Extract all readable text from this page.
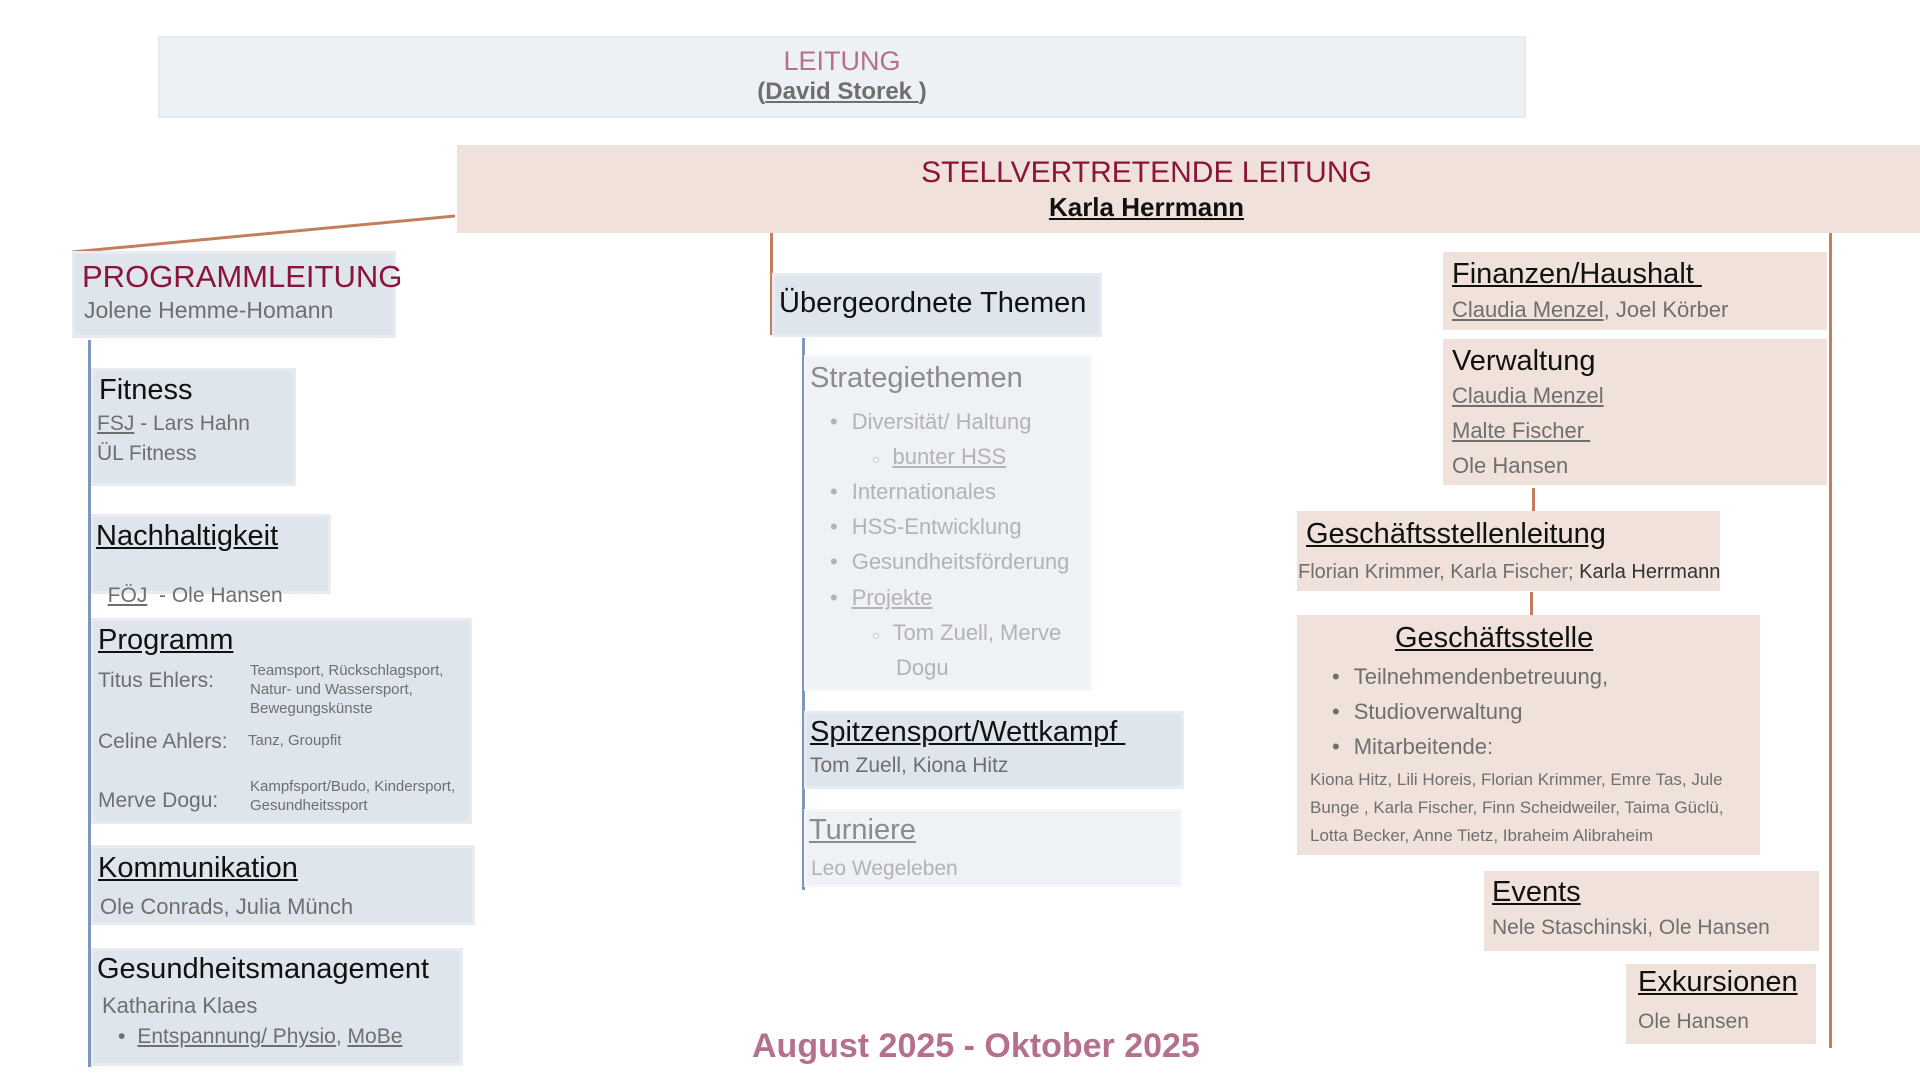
LEITUNG
(David Storek )
STELLVERTRETENDE LEITUNG
Karla Herrmann
PROGRAMMLEITUNG
Jolene Hemme-Homann
Fitness
FSJ - Lars Hahn
ÜL Fitness
Nachhaltigkeit

FÖJ  - Ole Hansen

Programm
Titus Ehlers: Teamsport, Rückschlagsport, Natur- und Wassersport, Bewegungskünste
Celine Ahlers: Tanz, Groupfit
Merve Dogu:
Kampfsport/Budo, Kindersport, Gesundheitssport
Kommunikation
Ole Conrads, Julia Münch
Gesundheitsmanagement
Katharina Klaes
• Entspannung/ Physio, MoBe
Übergeordnete Themen
Strategiethemen
• Diversität/ Haltung
○ bunter HSS
• Internationales
• HSS-Entwicklung
• Gesundheitsförderung
• Projekte
○ Tom Zuell, Merve
Dogu
Spitzensport/Wettkampf
Tom Zuell, Kiona Hitz
Turniere
Leo Wegeleben
August 2025 - Oktober 2025
Finanzen/Haushalt
Claudia Menzel, Joel Körber
Verwaltung
Claudia Menzel
Malte Fischer
Ole Hansen
Geschäftsstellenleitung
Florian Krimmer, Karla Fischer; Karla Herrmann
Geschäftsstelle
• Teilnehmendenbetreuung,
• Studioverwaltung
• Mitarbeitende:
Kiona Hitz, Lili Horeis, Florian Krimmer, Emre Tas, Jule
Bunge , Karla Fischer, Finn Scheidweiler, Taima Güclü,
Lotta Becker, Anne Tietz, Ibraheim Alibraheim
Events
Nele Staschinski, Ole Hansen
Exkursionen
Ole Hansen
